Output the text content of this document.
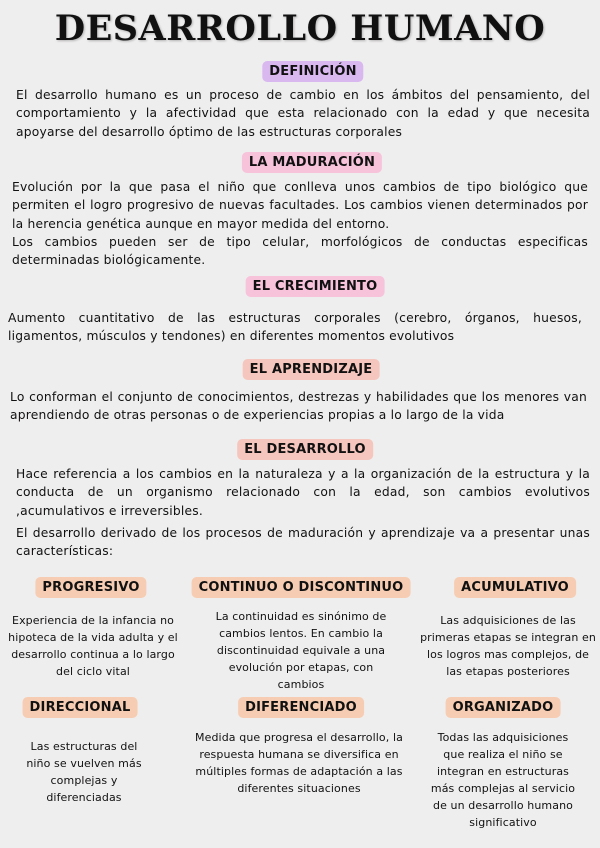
DESARROLLO HUMANO
DEFINICIÓN
El desarrollo humano es un proceso de cambio en los ámbitos del pensamiento, del comportamiento y la afectividad que esta relacionado con la edad y que necesita apoyarse del desarrollo óptimo de las estructuras corporales
LA MADURACIÓN

Evolución por la que pasa el niño que conlleva unos cambios de tipo biológico que permiten el logro progresivo de nuevas facultades. Los cambios vienen determinados por la herencia genética aunque en mayor medida del entorno.

Los cambios pueden ser de tipo celular, morfológicos de conductas especificas determinadas biológicamente.

EL CRECIMIENTO
Aumento cuantitativo de las estructuras corporales (cerebro, órganos, huesos, ligamentos, músculos y tendones) en diferentes momentos evolutivos
EL APRENDIZAJE
Lo conforman el conjunto de conocimientos, destrezas y habilidades que los menores van aprendiendo de otras personas o de experiencias propias a lo largo de la vida
EL DESARROLLO

Hace referencia a los cambios en la naturaleza y a la organización de la estructura y la conducta de un organismo relacionado con la edad, son cambios evolutivos ,acumulativos e irreversibles.

El desarrollo derivado de los procesos de maduración y aprendizaje va a presentar unas características:

PROGRESIVO
Experiencia de la infancia no hipoteca de la vida adulta y el desarrollo continua a lo largo del ciclo vital
CONTINUO O DISCONTINUO
La continuidad es sinónimo de cambios lentos. En cambio la discontinuidad equivale a una evolución por etapas, con cambios
ACUMULATIVO
Las adquisiciones de las primeras etapas se integran en los logros mas complejos, de las etapas posteriores
DIRECCIONAL
Las estructuras del niño se vuelven más complejas y diferenciadas
DIFERENCIADO
Medida que progresa el desarrollo, la respuesta humana se diversifica en múltiples formas de adaptación a las diferentes situaciones
ORGANIZADO
Todas las adquisiciones que realiza el niño se integran en estructuras más complejas al servicio de un desarrollo humano significativo
